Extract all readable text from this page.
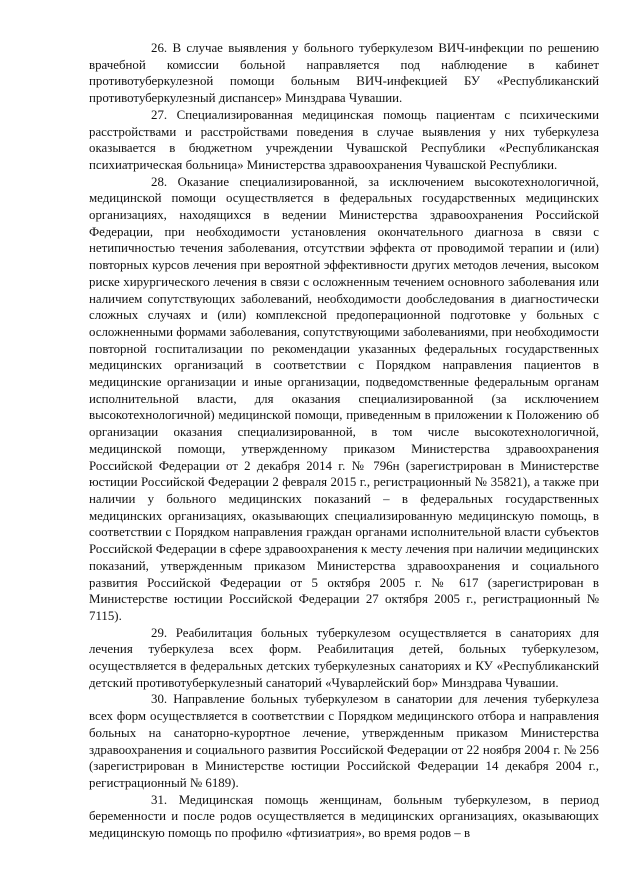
26. В случае выявления у больного туберкулезом ВИЧ-инфекции по решению врачебной комиссии больной направляется под наблюдение в кабинет противотуберкулезной помощи больным ВИЧ-инфекцией БУ «Республиканский противотуберкулезный диспансер» Минздрава Чувашии.

27. Специализированная медицинская помощь пациентам с психическими расстройствами и расстройствами поведения в случае выявления у них туберкулеза оказывается в бюджетном учреждении Чувашской Республики «Республиканская психиатрическая больница» Министерства здравоохранения Чувашской Республики.

28. Оказание специализированной, за исключением высокотехнологичной, медицинской помощи осуществляется в федеральных государственных медицинских организациях, находящихся в ведении Министерства здравоохранения Российской Федерации, при необходимости установления окончательного диагноза в связи с нетипичностью течения заболевания, отсутствии эффекта от проводимой терапии и (или) повторных курсов лечения при вероятной эффективности других методов лечения, высоком риске хирургического лечения в связи с осложненным течением основного заболевания или наличием сопутствующих заболеваний, необходимости дообследования в диагностически сложных случаях и (или) комплексной предоперационной подготовке у больных с осложненными формами заболевания, сопутствующими заболеваниями, при необходимости повторной госпитализации по рекомендации указанных федеральных государственных медицинских организаций в соответствии с Порядком направления пациентов в медицинские организации и иные организации, подведомственные федеральным органам исполнительной власти, для оказания специализированной (за исключением высокотехнологичной) медицинской помощи, приведенным в приложении к Положению об организации оказания специализированной, в том числе высокотехнологичной, медицинской помощи, утвержденному приказом Министерства здравоохранения Российской Федерации от 2 декабря 2014 г. № 796н (зарегистрирован в Министерстве юстиции Российской Федерации 2 февраля 2015 г., регистрационный № 35821), а также при наличии у больного медицинских показаний – в федеральных государственных медицинских организациях, оказывающих специализированную медицинскую помощь, в соответствии с Порядком направления граждан органами исполнительной власти субъектов Российской Федерации в сфере здравоохранения к месту лечения при наличии медицинских показаний, утвержденным приказом Министерства здравоохранения и социального развития Российской Федерации от 5 октября 2005 г. № 617 (зарегистрирован в Министерстве юстиции Российской Федерации 27 октября 2005 г., регистрационный № 7115).

29. Реабилитация больных туберкулезом осуществляется в санаториях для лечения туберкулеза всех форм. Реабилитация детей, больных туберкулезом, осуществляется в федеральных детских туберкулезных санаториях и КУ «Республиканский детский противотуберкулезный санаторий «Чуварлейский бор» Минздрава Чувашии.

30. Направление больных туберкулезом в санатории для лечения туберкулеза всех форм осуществляется в соответствии с Порядком медицинского отбора и направления больных на санаторно-курортное лечение, утвержденным приказом Министерства здравоохранения и социального развития Российской Федерации от 22 ноября 2004 г. № 256 (зарегистрирован в Министерстве юстиции Российской Федерации 14 декабря 2004 г., регистрационный № 6189).

31. Медицинская помощь женщинам, больным туберкулезом, в период беременности и после родов осуществляется в медицинских организациях, оказывающих медицинскую помощь по профилю «фтизиатрия», во время родов – в
